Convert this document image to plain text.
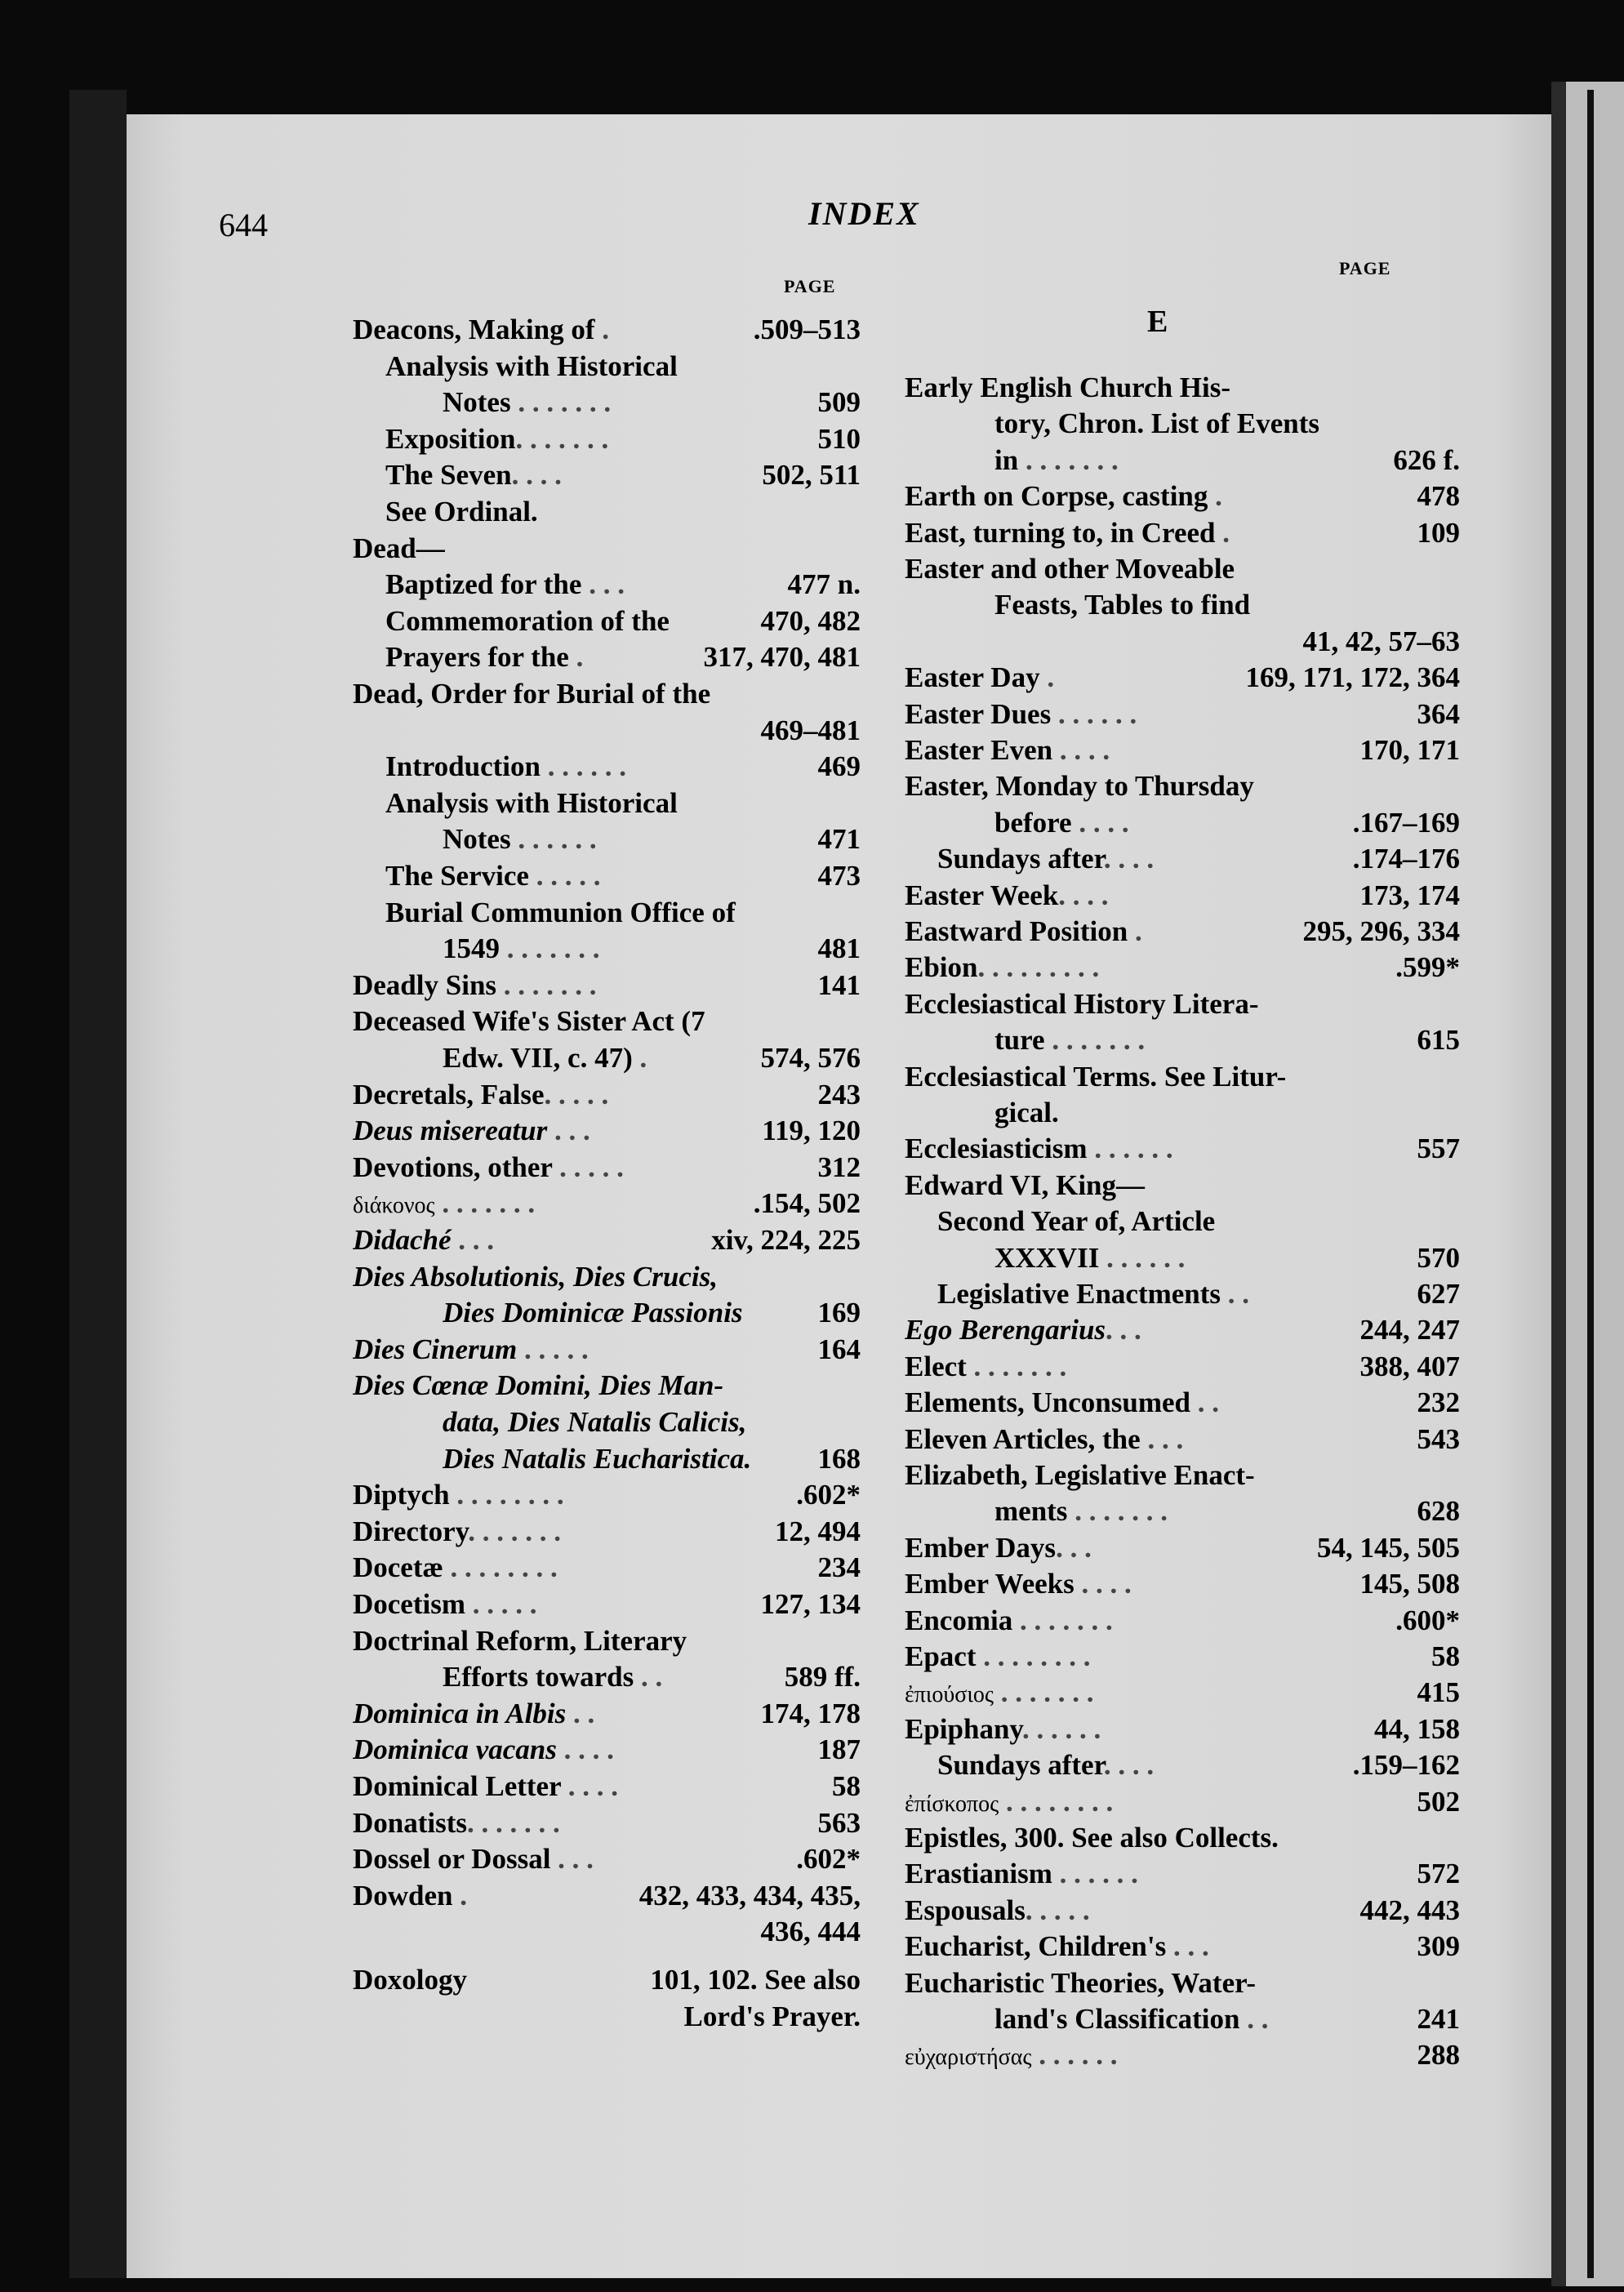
644	INDEX
PAGE
PAGE
E
Deacons, Making of .	.509–513
Analysis with Historical
Notes . . . . . . .	509
Exposition. . . . . . .	510
The Seven. . . .	502, 511
See Ordinal.
Dead—
Baptized for the . . .	477 n.
Commemoration of the	470, 482
Prayers for the .	317, 470, 481
Dead, Order for Burial of the
469–481
Introduction . . . . . .	469
Analysis with Historical
Notes . . . . . .	471
The Service . . . . .	473
Burial Communion Office of
1549 . . . . . . .	481
Deadly Sins . . . . . . .	141
Deceased Wife's Sister Act (7
Edw. VII, c. 47) .	574, 576
Decretals, False. . . . .	243
Deus misereatur . . .	119, 120
Devotions, other . . . . .	312
διάκονος . . . . . . .	.154, 502
Didaché . . .	xiv, 224, 225
Dies Absolutionis, Dies Crucis,
Dies Dominicæ Passionis	169
Dies Cinerum . . . . .	164
Dies Cœnæ Domini, Dies Man-
data, Dies Natalis Calicis,
Dies Natalis Eucharistica. 168
Diptych . . . . . . . .	.602*
Directory. . . . . . .	12, 494
Docetæ . . . . . . . .	234
Docetism . . . . .	127, 134
Doctrinal Reform, Literary
Efforts towards . .	589 ff.
Dominica in Albis . .	174, 178
Dominica vacans . . . .	187
Dominical Letter . . . .	58
Donatists. . . . . . .	563
Dossel or Dossal . . .	.602*
Dowden .	432, 433, 434, 435,
436, 444
Doxology	101, 102. See also
Lord's Prayer.
Early English Church His-
tory, Chron. List of Events
in . . . . . . .	626 f.
Earth on Corpse, casting .	478
East, turning to, in Creed .	109
Easter and other Moveable
Feasts, Tables to find
41, 42, 57–63
Easter Day .	169, 171, 172, 364
Easter Dues . . . . . .	364
Easter Even . . . .	170, 171
Easter, Monday to Thursday
before . . . .	.167–169
Sundays after. . . .	.174–176
Easter Week. . . .	173, 174
Eastward Position .	295, 296, 334
Ebion. . . . . . . . .	.599*
Ecclesiastical History Litera-
ture . . . . . . .	615
Ecclesiastical Terms. See Litur-
gical.
Ecclesiasticism . . . . . .	557
Edward VI, King—
Second Year of, Article
XXXVII . . . . . .	570
Legislative Enactments . .	627
Ego Berengarius. . .	244, 247
Elect . . . . . . .	388, 407
Elements, Unconsumed . .	232
Eleven Articles, the . . .	543
Elizabeth, Legislative Enact-
ments . . . . . . .	628
Ember Days. . .	54, 145, 505
Ember Weeks . . . .	145, 508
Encomia . . . . . . .	.600*
Epact . . . . . . . .	58
ἐπιούσιος . . . . . . .	415
Epiphany. . . . . .	44, 158
Sundays after. . . .	.159–162
ἐπίσκοπος . . . . . . . .	502
Epistles, 300. See also Collects.
Erastianism . . . . . .	572
Espousals. . . . .	442, 443
Eucharist, Children's . . .	309
Eucharistic Theories, Water-
land's Classification . .	241
εὐχαριστήσας . . . . . .	288
